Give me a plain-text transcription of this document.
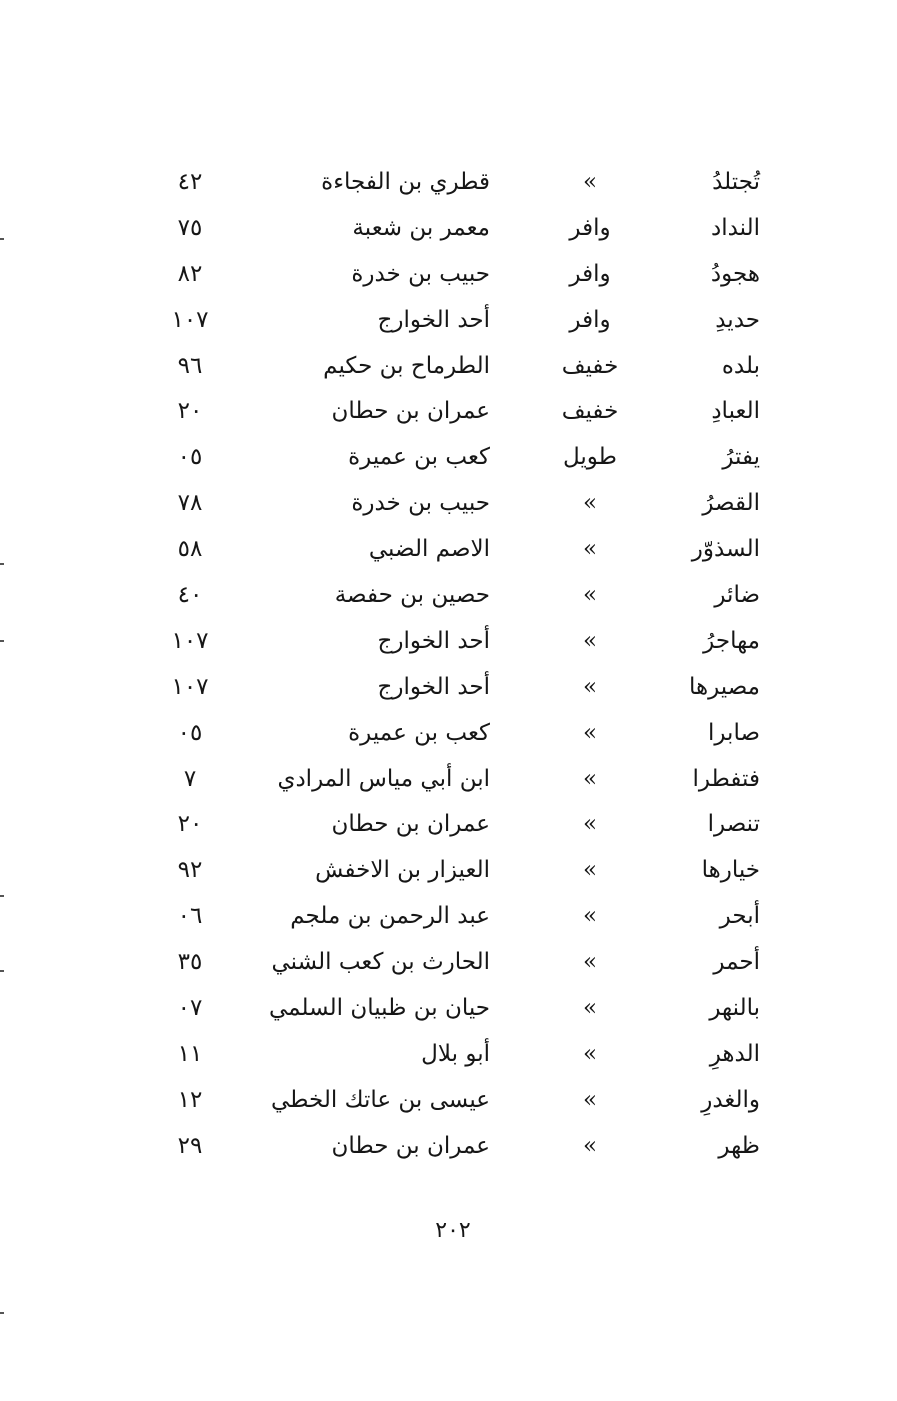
تُجتلدُ
»
قطري بن الفجاءة
٤٢
النداد
وافر
معمر بن شعبة
٧٥
هجودُ
وافر
حبيب بن خدرة
٨٢
حديدِ
وافر
أحد الخوارج
١٠٧
بلده
خفيف
الطرماح بن حكيم
٩٦
العبادِ
خفيف
عمران بن حطان
٢٠
يفترُ
طويل
كعب بن عميرة
٠٥
القصرُ
»
حبيب بن خدرة
٧٨
السذوّر
»
الاصم الضبي
٥٨
ضائر
»
حصين بن حفصة
٤٠
مهاجرُ
»
أحد الخوارج
١٠٧
مصيرها
»
أحد الخوارج
١٠٧
صابرا
»
كعب بن عميرة
٠٥
فتفطرا
»
ابن أبي مياس المرادي
٧
تنصرا
»
عمران بن حطان
٢٠
خيارها
»
العيزار بن الاخفش
٩٢
أبحر
»
عبد الرحمن بن ملجم
٠٦
أحمر
»
الحارث بن كعب الشني
٣٥
بالنهر
»
حيان بن ظبيان السلمي
٠٧
الدهرِ
»
أبو بلال
١١
والغدرِ
»
عيسى بن عاتك الخطي
١٢
ظهر
»
عمران بن حطان
٢٩
٢٠٢
